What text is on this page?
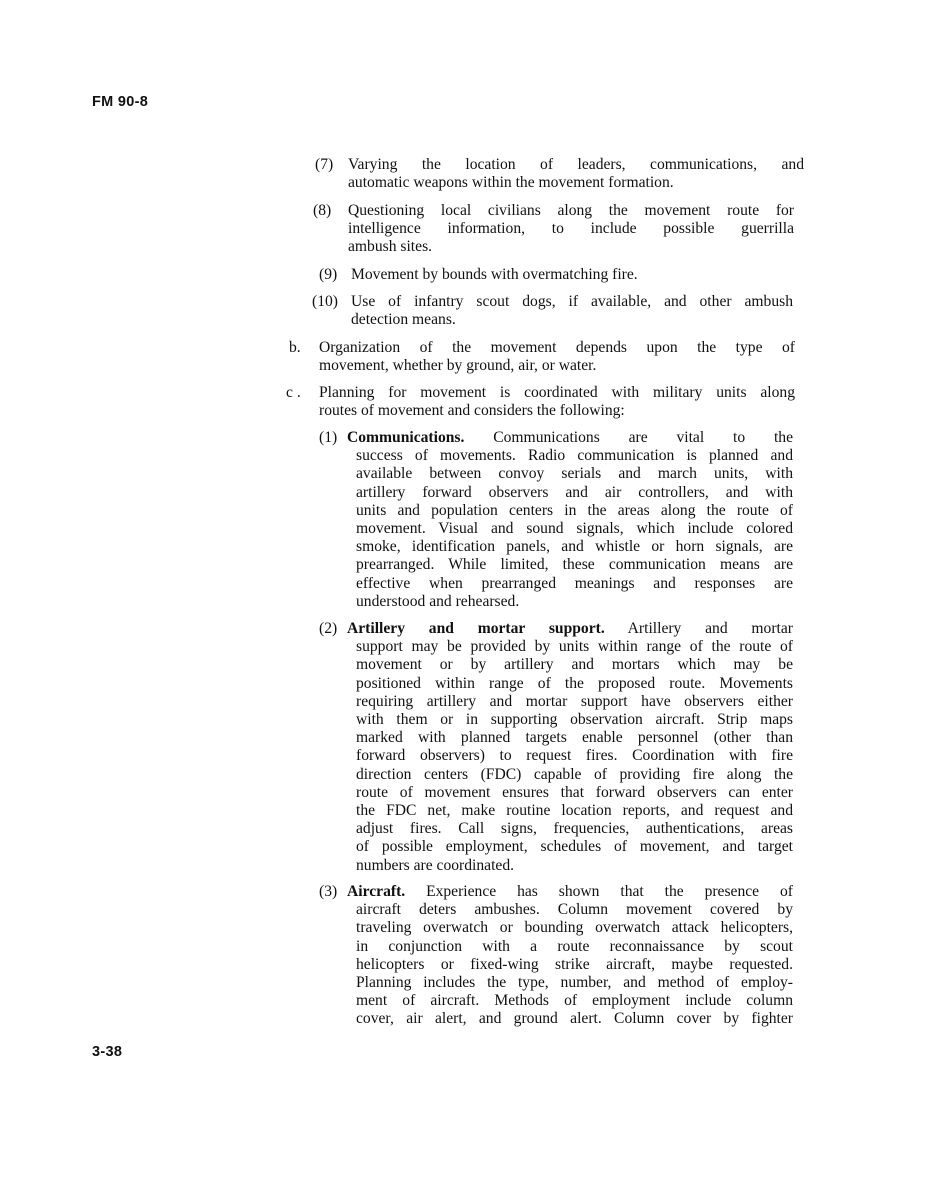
FM 90-8
(7) Varying the location of leaders, communications, and
automatic weapons within the movement formation.
(8) Questioning local civilians along the movement route for
intelligence information, to include possible guerrilla
ambush sites.
(9) Movement by bounds with overmatching fire.
(10) Use of infantry scout dogs, if available, and other ambush
detection means.
b. Organization of the movement depends upon the type of
movement, whether by ground, air, or water.
c . Planning for movement is coordinated with military units along
routes of movement and considers the following:
(1) Communications. Communications are vital to the
success of movements. Radio communication is planned and
available between convoy serials and march units, with
artillery forward observers and air controllers, and with
units and population centers in the areas along the route of
movement. Visual and sound signals, which include colored
smoke, identification panels, and whistle or horn signals, are
prearranged. While limited, these communication means are
effective when prearranged meanings and responses are
understood and rehearsed.
(2) Artillery and mortar support. Artillery and mortar
support may be provided by units within range of the route of
movement or by artillery and mortars which may be
positioned within range of the proposed route. Movements
requiring artillery and mortar support have observers either
with them or in supporting observation aircraft. Strip maps
marked with planned targets enable personnel (other than
forward observers) to request fires. Coordination with fire
direction centers (FDC) capable of providing fire along the
route of movement ensures that forward observers can enter
the FDC net, make routine location reports, and request and
adjust fires. Call signs, frequencies, authentications, areas
of possible employment, schedules of movement, and target
numbers are coordinated.
(3) Aircraft. Experience has shown that the presence of
aircraft deters ambushes. Column movement covered by
traveling overwatch or bounding overwatch attack helicopters,
in conjunction with a route reconnaissance by scout
helicopters or fixed-wing strike aircraft, maybe requested.
Planning includes the type, number, and method of employ-
ment of aircraft. Methods of employment include column
cover, air alert, and ground alert. Column cover by fighter
3-38
